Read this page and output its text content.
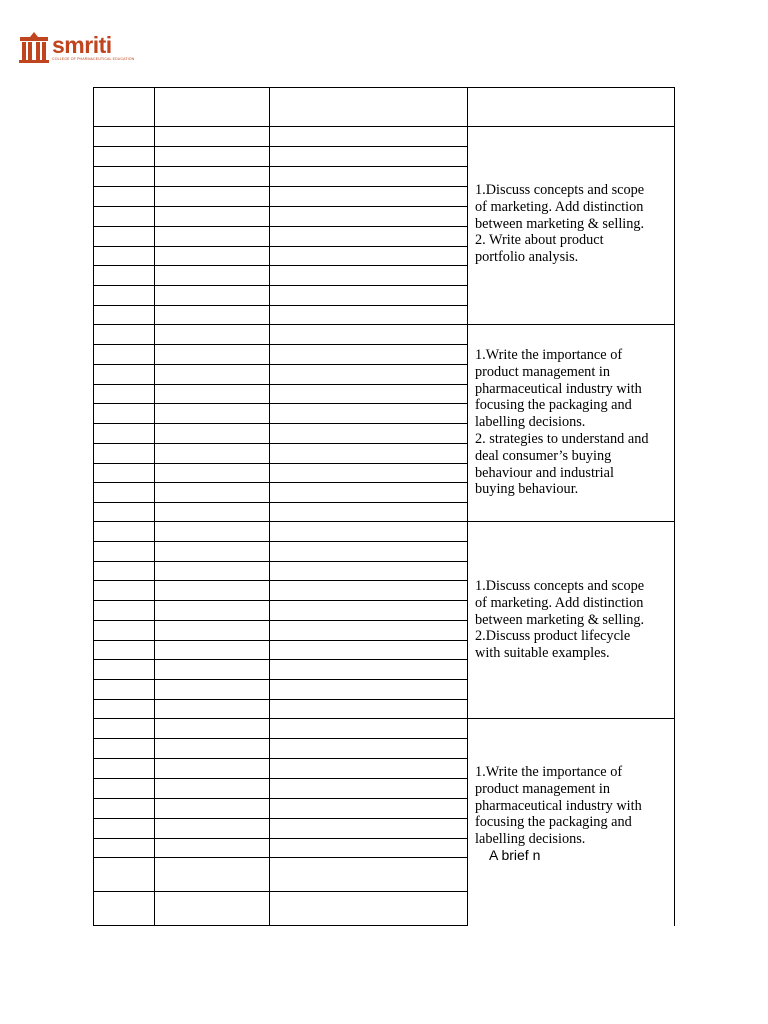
smriti
COLLEGE OF PHARMACEUTICAL EDUCATION
1.Discuss concepts and scope
of marketing. Add distinction
between marketing & selling.
2. Write about product
portfolio analysis.
1.Write the importance of
product management in
pharmaceutical industry with
focusing the packaging and
labelling decisions.
2. strategies to understand and
deal consumer’s buying
behaviour and industrial
buying behaviour.
1.Discuss concepts and scope
of marketing. Add distinction
between marketing & selling.
2.Discuss product lifecycle
with suitable examples.
1.Write the importance of
product management in
pharmaceutical industry with
focusing the packaging and
labelling decisions.
A brief n
